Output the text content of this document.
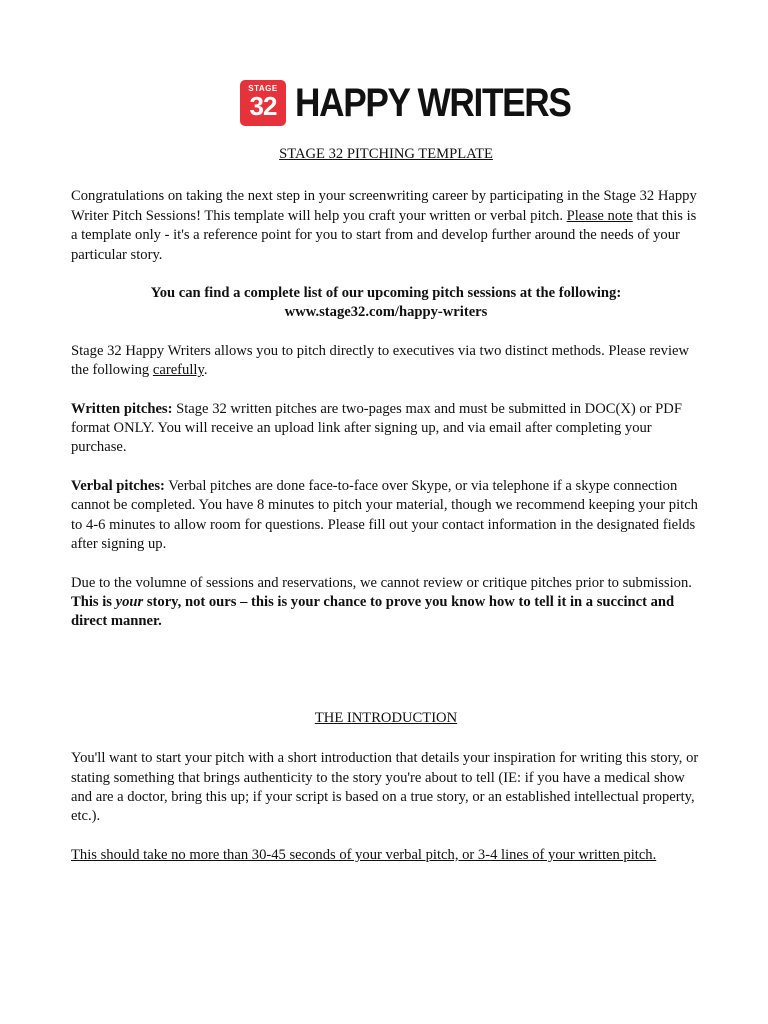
STAGE
32 HAPPY WRITERS
STAGE 32 PITCHING TEMPLATE

Congratulations on taking the next step in your screenwriting career by participating in the Stage 32 Happy Writer Pitch Sessions! This template will help you craft your written or verbal pitch. Please note that this is a template only - it's a reference point for you to start from and develop further around the needs of your particular story.

You can find a complete list of our upcoming pitch sessions at the following:
www.stage32.com/happy-writers

Stage 32 Happy Writers allows you to pitch directly to executives via two distinct methods. Please review the following carefully.

Written pitches: Stage 32 written pitches are two-pages max and must be submitted in DOC(X) or PDF format ONLY. You will receive an upload link after signing up, and via email after completing your purchase.

Verbal pitches: Verbal pitches are done face-to-face over Skype, or via telephone if a skype connection cannot be completed. You have 8 minutes to pitch your material, though we recommend keeping your pitch to 4-6 minutes to allow room for questions. Please fill out your contact information in the designated fields after signing up.

Due to the volumne of sessions and reservations, we cannot review or critique pitches prior to submission. This is your story, not ours – this is your chance to prove you know how to tell it in a succinct and direct manner.

THE INTRODUCTION

You'll want to start your pitch with a short introduction that details your inspiration for writing this story, or stating something that brings authenticity to the story you're about to tell (IE: if you have a medical show and are a doctor, bring this up; if your script is based on a true story, or an established intellectual property, etc.).

This should take no more than 30-45 seconds of your verbal pitch, or 3-4 lines of your written pitch.
